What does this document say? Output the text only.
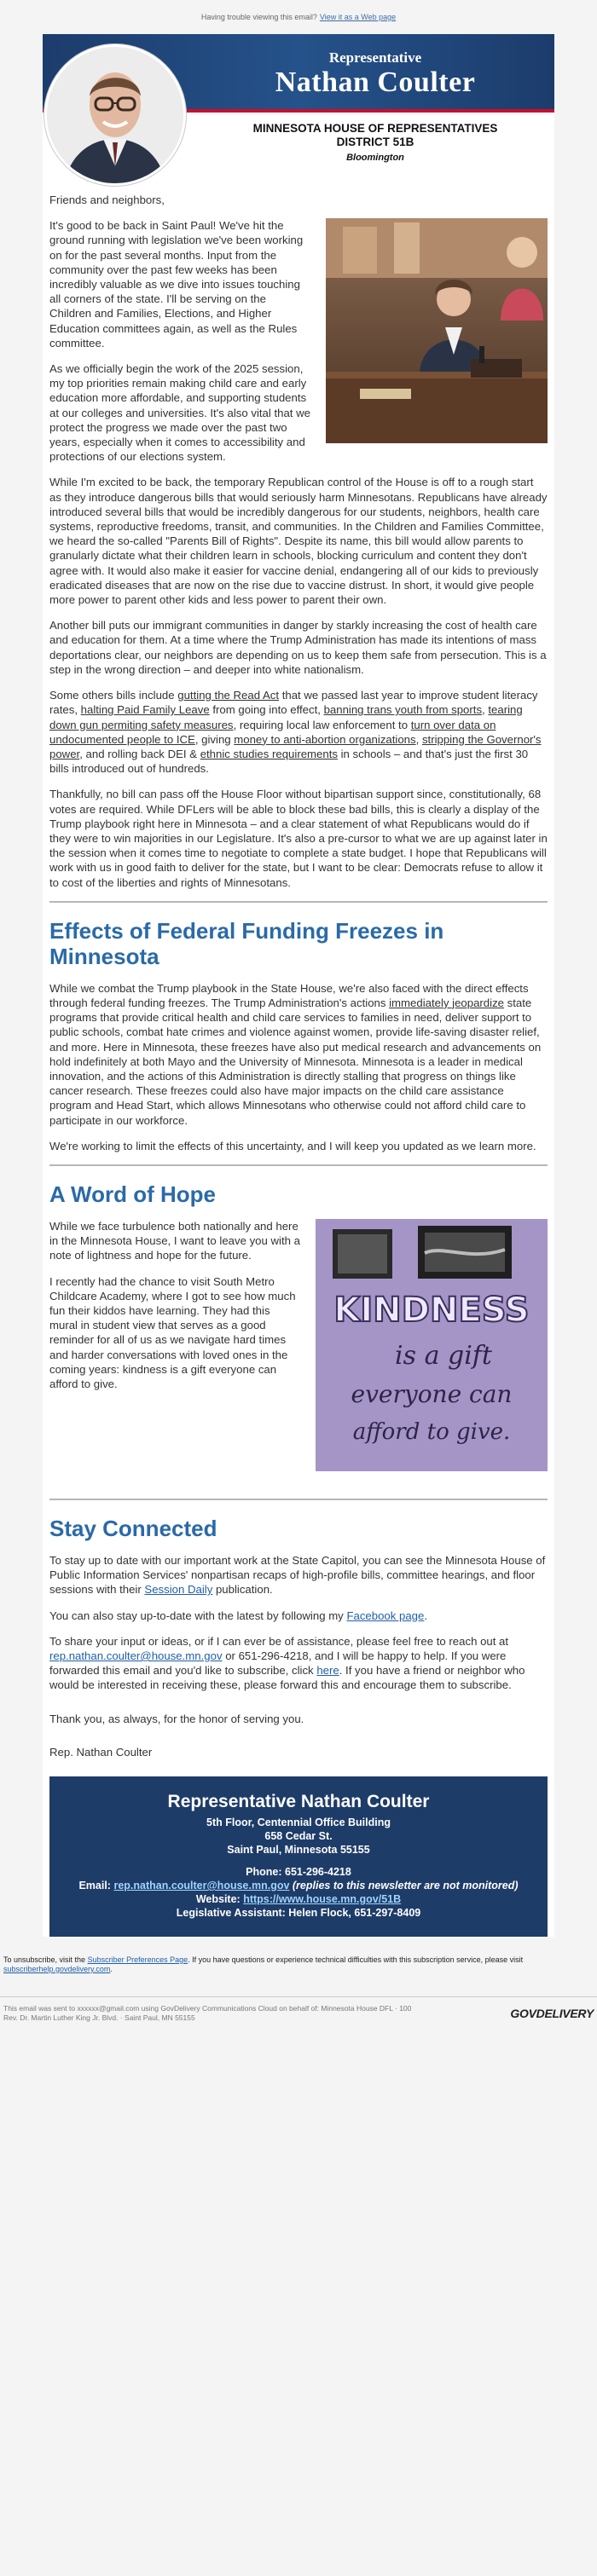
Having trouble viewing this email? View it as a Web page
Representative
Nathan Coulter
MINNESOTA HOUSE OF REPRESENTATIVES
DISTRICT 51B
Bloomington

Friends and neighbors,

It's good to be back in Saint Paul! We've hit the ground running with legislation we've been working on for the past several months. Input from the community over the past few weeks has been incredibly valuable as we dive into issues touching all corners of the state. I'll be serving on the Children and Families, Elections, and Higher Education committees again, as well as the Rules committee.

As we officially begin the work of the 2025 session, my top priorities remain making child care and early education more affordable, and supporting students at our colleges and universities. It's also vital that we protect the progress we made over the past two years, especially when it comes to accessibility and protections of our elections system.

While I'm excited to be back, the temporary Republican control of the House is off to a rough start as they introduce dangerous bills that would seriously harm Minnesotans. Republicans have already introduced several bills that would be incredibly dangerous for our students, neighbors, health care systems, reproductive freedoms, transit, and communities. In the Children and Families Committee, we heard the so-called "Parents Bill of Rights". Despite its name, this bill would allow parents to granularly dictate what their children learn in schools, blocking curriculum and content they don't agree with. It would also make it easier for vaccine denial, endangering all of our kids to previously eradicated diseases that are now on the rise due to vaccine distrust. In short, it would give people more power to parent other kids and less power to parent their own.

Another bill puts our immigrant communities in danger by starkly increasing the cost of health care and education for them. At a time where the Trump Administration has made its intentions of mass deportations clear, our neighbors are depending on us to keep them safe from persecution. This is a step in the wrong direction – and deeper into white nationalism.

Some others bills include gutting the Read Act that we passed last year to improve student literacy rates, halting Paid Family Leave from going into effect, banning trans youth from sports, tearing down gun permiting safety measures, requiring local law enforcement to turn over data on undocumented people to ICE, giving money to anti-abortion organizations, stripping the Governor's power, and rolling back DEI & ethnic studies requirements in schools – and that's just the first 30 bills introduced out of hundreds.

Thankfully, no bill can pass off the House Floor without bipartisan support since, constitutionally, 68 votes are required. While DFLers will be able to block these bad bills, this is clearly a display of the Trump playbook right here in Minnesota – and a clear statement of what Republicans would do if they were to win majorities in our Legislature. It's also a pre-cursor to what we are up against later in the session when it comes time to negotiate to complete a state budget. I hope that Republicans will work with us in good faith to deliver for the state, but I want to be clear: Democrats refuse to allow it to cost of the liberties and rights of Minnesotans.

Effects of Federal Funding Freezes in Minnesota

While we combat the Trump playbook in the State House, we're also faced with the direct effects through federal funding freezes. The Trump Administration's actions immediately jeopardize state programs that provide critical health and child care services to families in need, deliver support to public schools, combat hate crimes and violence against women, provide life-saving disaster relief, and more. Here in Minnesota, these freezes have also put medical research and advancements on hold indefinitely at both Mayo and the University of Minnesota. Minnesota is a leader in medical innovation, and the actions of this Administration is directly stalling that progress on things like cancer research. These freezes could also have major impacts on the child care assistance program and Head Start, which allows Minnesotans who otherwise could not afford child care to participate in our workforce.

We're working to limit the effects of this uncertainty, and I will keep you updated as we learn more.

A Word of Hope
KINDNESS
is a gift
everyone can
afford to give.

While we face turbulence both nationally and here in the Minnesota House, I want to leave you with a note of lightness and hope for the future.

I recently had the chance to visit South Metro Childcare Academy, where I got to see how much fun their kiddos have learning. They had this mural in student view that serves as a good reminder for all of us as we navigate hard times and harder conversations with loved ones in the coming years: kindness is a gift everyone can afford to give.

Stay Connected

To stay up to date with our important work at the State Capitol, you can see the Minnesota House of Public Information Services' nonpartisan recaps of high-profile bills, committee hearings, and floor sessions with their Session Daily publication.

You can also stay up-to-date with the latest by following my Facebook page.

To share your input or ideas, or if I can ever be of assistance, please feel free to reach out at rep.nathan.coulter@house.mn.gov or 651-296-4218, and I will be happy to help. If you were forwarded this email and you'd like to subscribe, click here. If you have a friend or neighbor who would be interested in receiving these, please forward this and encourage them to subscribe.

Thank you, as always, for the honor of serving you.

Rep. Nathan Coulter

Representative Nathan Coulter
5th Floor, Centennial Office Building
658 Cedar St.
Saint Paul, Minnesota 55155
Phone: 651-296-4218
Email: rep.nathan.coulter@house.mn.gov (replies to this newsletter are not monitored)
Website: https://www.house.mn.gov/51B
Legislative Assistant: Helen Flock, 651-297-8409
To unsubscribe, visit the Subscriber Preferences Page. If you have questions or experience technical difficulties with this subscription service, please visit subscriberhelp.govdelivery.com.
This email was sent to xxxxxx@gmail.com using GovDelivery Communications Cloud on behalf of: Minnesota House DFL · 100
Rev. Dr. Martin Luther King Jr. Blvd. · Saint Paul, MN 55155	GOVDELIVERY
